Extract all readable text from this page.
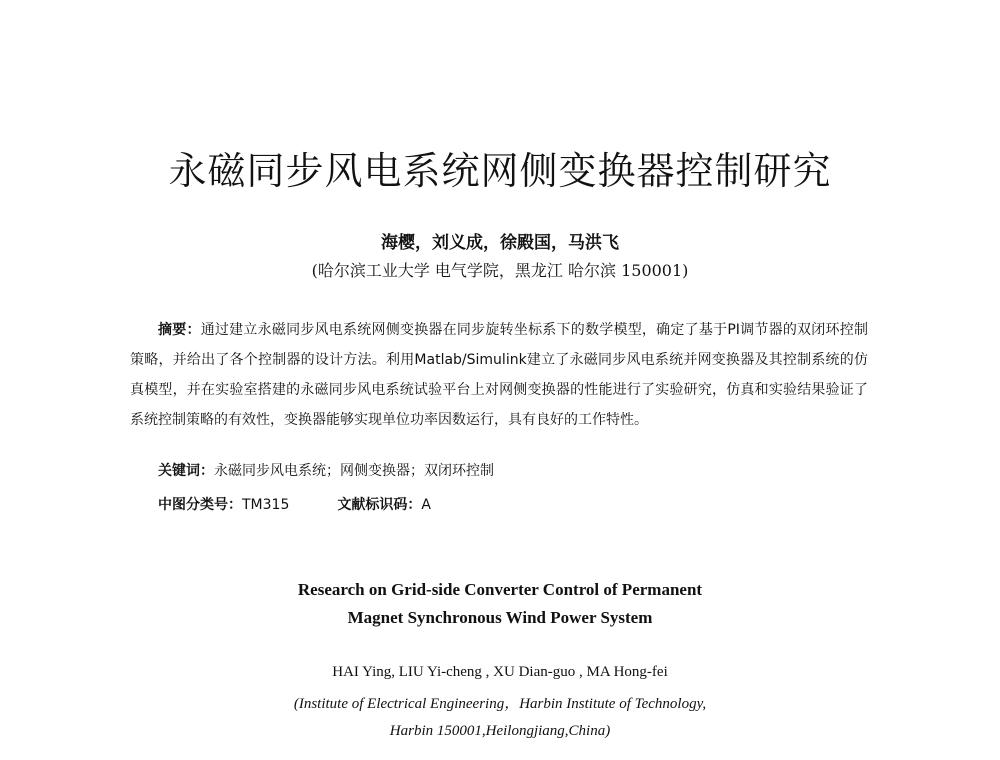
永磁同步风电系统网侧变换器控制研究
海樱，刘义成，徐殿国，马洪飞
(哈尔滨工业大学 电气学院，黑龙江 哈尔滨 150001)
摘要：通过建立永磁同步风电系统网侧变换器在同步旋转坐标系下的数学模型，确定了基于PI调节器的双闭环控制策略，并给出了各个控制器的设计方法。利用Matlab/Simulink建立了永磁同步风电系统并网变换器及其控制系统的仿真模型，并在实验室搭建的永磁同步风电系统试验平台上对网侧变换器的性能进行了实验研究，仿真和实验结果验证了系统控制策略的有效性，变换器能够实现单位功率因数运行，具有良好的工作特性。
关键词：永磁同步风电系统；网侧变换器；双闭环控制
中图分类号：TM315	文献标识码：A
Research on Grid-side Converter Control of Permanent
Magnet Synchronous Wind Power System
HAI Ying, LIU Yi-cheng , XU Dian-guo , MA Hong-fei
(Institute of Electrical Engineering，Harbin Institute of Technology,
Harbin 150001,Heilongjiang,China)
